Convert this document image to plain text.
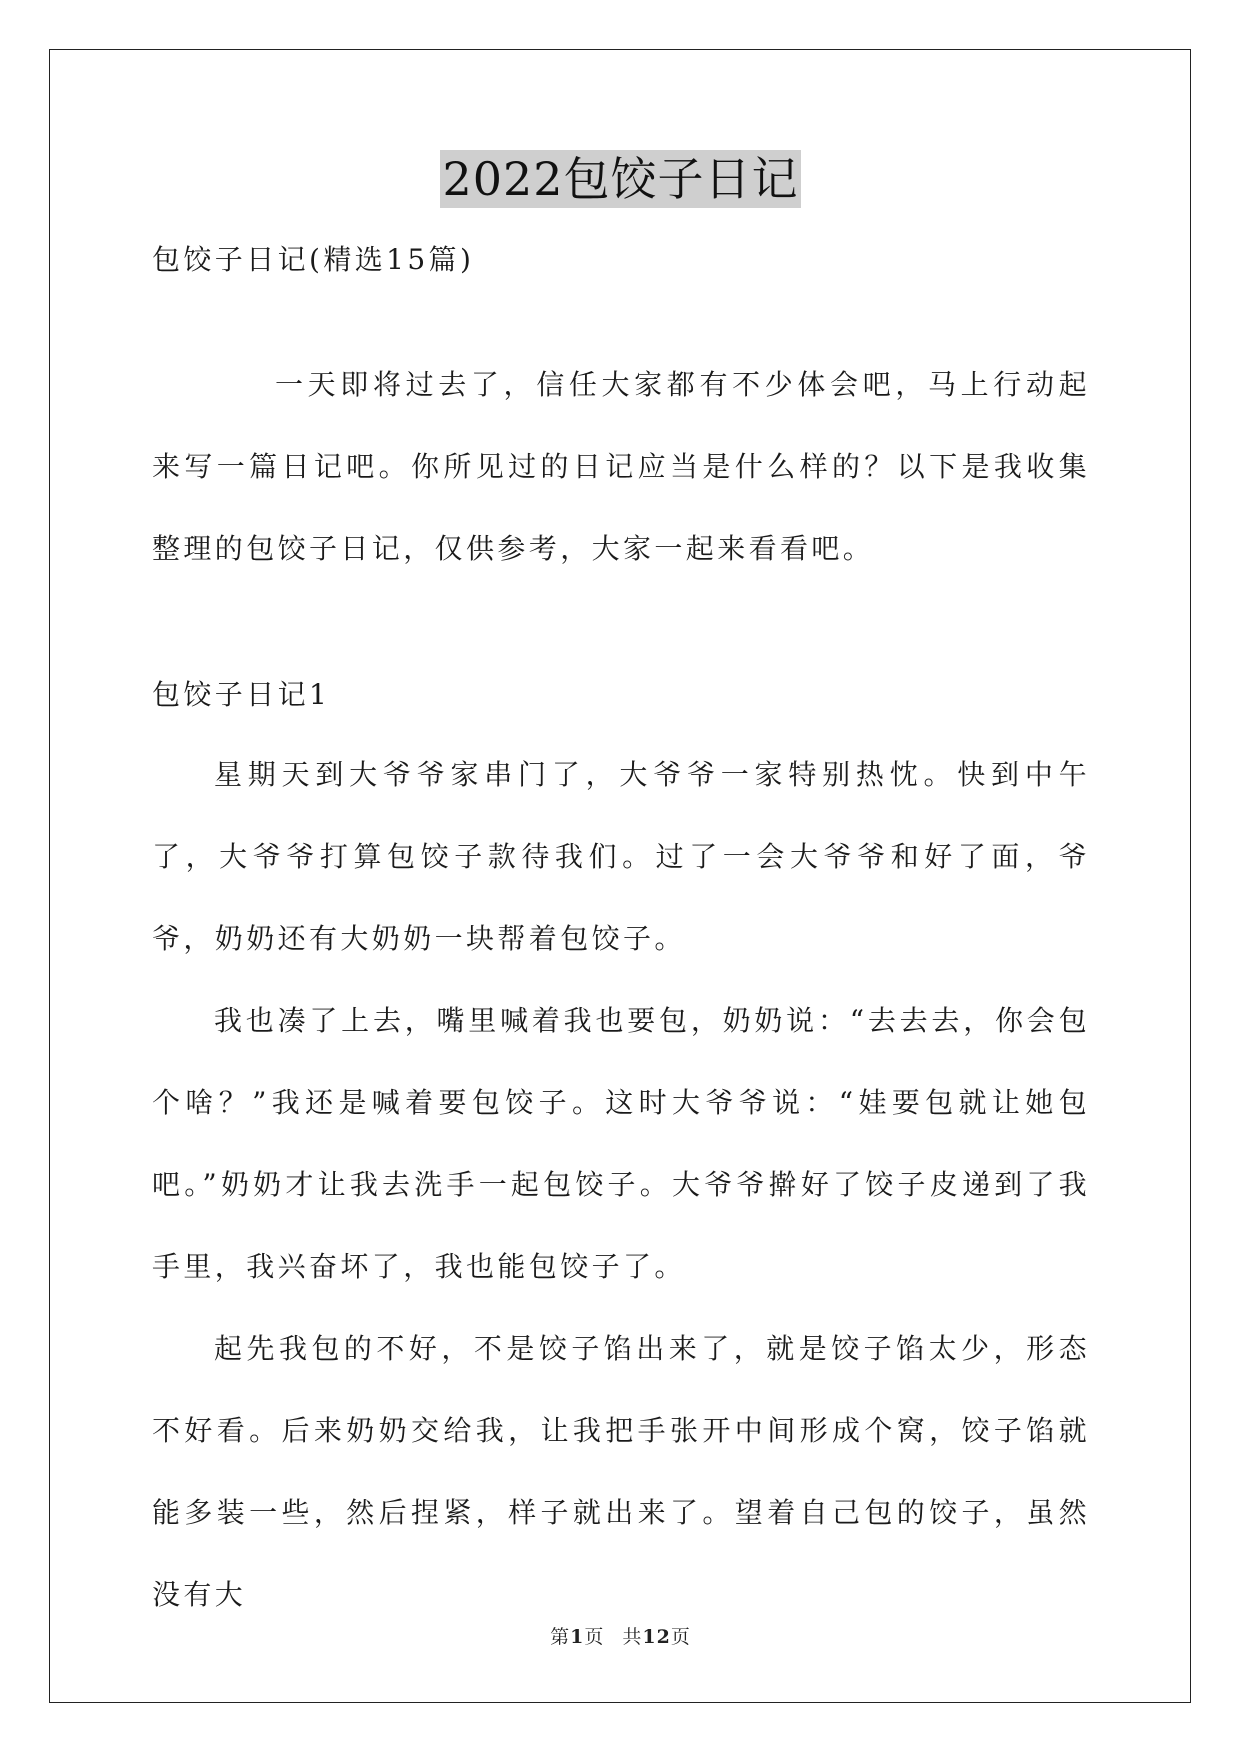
2022包饺子日记

包饺子日记(精选15篇)

一天即将过去了，信任大家都有不少体会吧，马上行动起来写一篇日记吧。你所见过的日记应当是什么样的？以下是我收集整理的包饺子日记，仅供参考，大家一起来看看吧。

包饺子日记1

星期天到大爷爷家串门了，大爷爷一家特别热忱。快到中午了，大爷爷打算包饺子款待我们。过了一会大爷爷和好了面，爷爷，奶奶还有大奶奶一块帮着包饺子。

我也凑了上去，嘴里喊着我也要包，奶奶说：“去去去，你会包个啥？”我还是喊着要包饺子。这时大爷爷说：“娃要包就让她包吧。”奶奶才让我去洗手一起包饺子。大爷爷擀好了饺子皮递到了我手里，我兴奋坏了，我也能包饺子了。

起先我包的不好，不是饺子馅出来了，就是饺子馅太少，形态不好看。后来奶奶交给我，让我把手张开中间形成个窝，饺子馅就能多装一些，然后捏紧，样子就出来了。望着自己包的饺子，虽然没有大

第1页 共12页
